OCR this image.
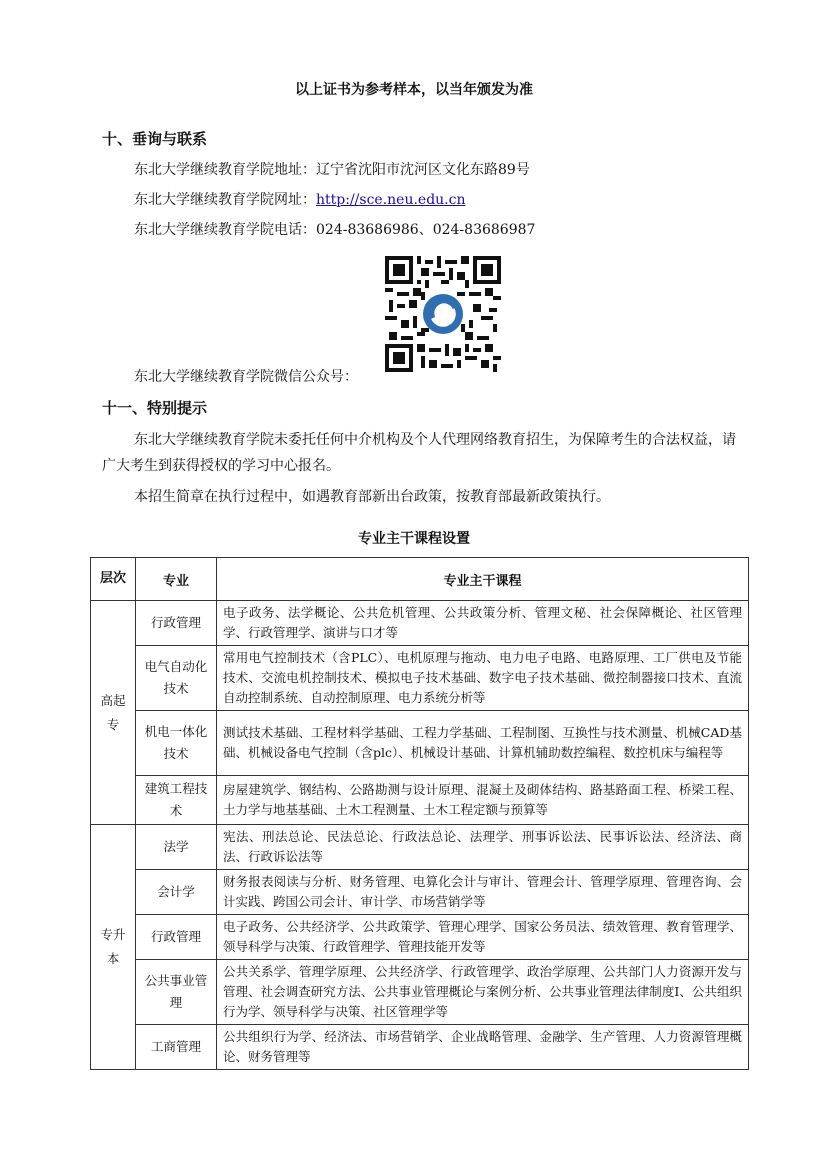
以上证书为参考样本，以当年颁发为准
十、垂询与联系
东北大学继续教育学院地址：辽宁省沈阳市沈河区文化东路89号
东北大学继续教育学院网址：http://sce.neu.edu.cn
东北大学继续教育学院电话：024-83686986、024-83686987
东北大学继续教育学院微信公众号：
十一、特别提示
东北大学继续教育学院未委托任何中介机构及个人代理网络教育招生，为保障考生的合法权益，请广大考生到获得授权的学习中心报名。
本招生简章在执行过程中，如遇教育部新出台政策，按教育部最新政策执行。
专业主干课程设置
层次	专业	专业主干课程
高起专	行政管理	电子政务、法学概论、公共危机管理、公共政策分析、管理文秘、社会保障概论、社区管理学、行政管理学、演讲与口才等
	电气自动化技术	常用电气控制技术（含PLC）、电机原理与拖动、电力电子电路、电路原理、工厂供电及节能技术、交流电机控制技术、模拟电子技术基础、数字电子技术基础、微控制器接口技术、直流自动控制系统、自动控制原理、电力系统分析等
	机电一体化技术	测试技术基础、工程材料学基础、工程力学基础、工程制图、互换性与技术测量、机械CAD基础、机械设备电气控制（含plc）、机械设计基础、计算机辅助数控编程、数控机床与编程等
	建筑工程技术	房屋建筑学、钢结构、公路勘测与设计原理、混凝土及砌体结构、路基路面工程、桥梁工程、土力学与地基基础、土木工程测量、土木工程定额与预算等
专升本	法学	宪法、刑法总论、民法总论、行政法总论、法理学、刑事诉讼法、民事诉讼法、经济法、商法、行政诉讼法等
	会计学	财务报表阅读与分析、财务管理、电算化会计与审计、管理会计、管理学原理、管理咨询、会计实践、跨国公司会计、审计学、市场营销学等
	行政管理	电子政务、公共经济学、公共政策学、管理心理学、国家公务员法、绩效管理、教育管理学、领导科学与决策、行政管理学、管理技能开发等
	公共事业管理	公共关系学、管理学原理、公共经济学、行政管理学、政治学原理、公共部门人力资源开发与管理、社会调查研究方法、公共事业管理概论与案例分析、公共事业管理法律制度Ⅰ、公共组织行为学、领导科学与决策、社区管理学等
	工商管理	公共组织行为学、经济法、市场营销学、企业战略管理、金融学、生产管理、人力资源管理概论、财务管理等
